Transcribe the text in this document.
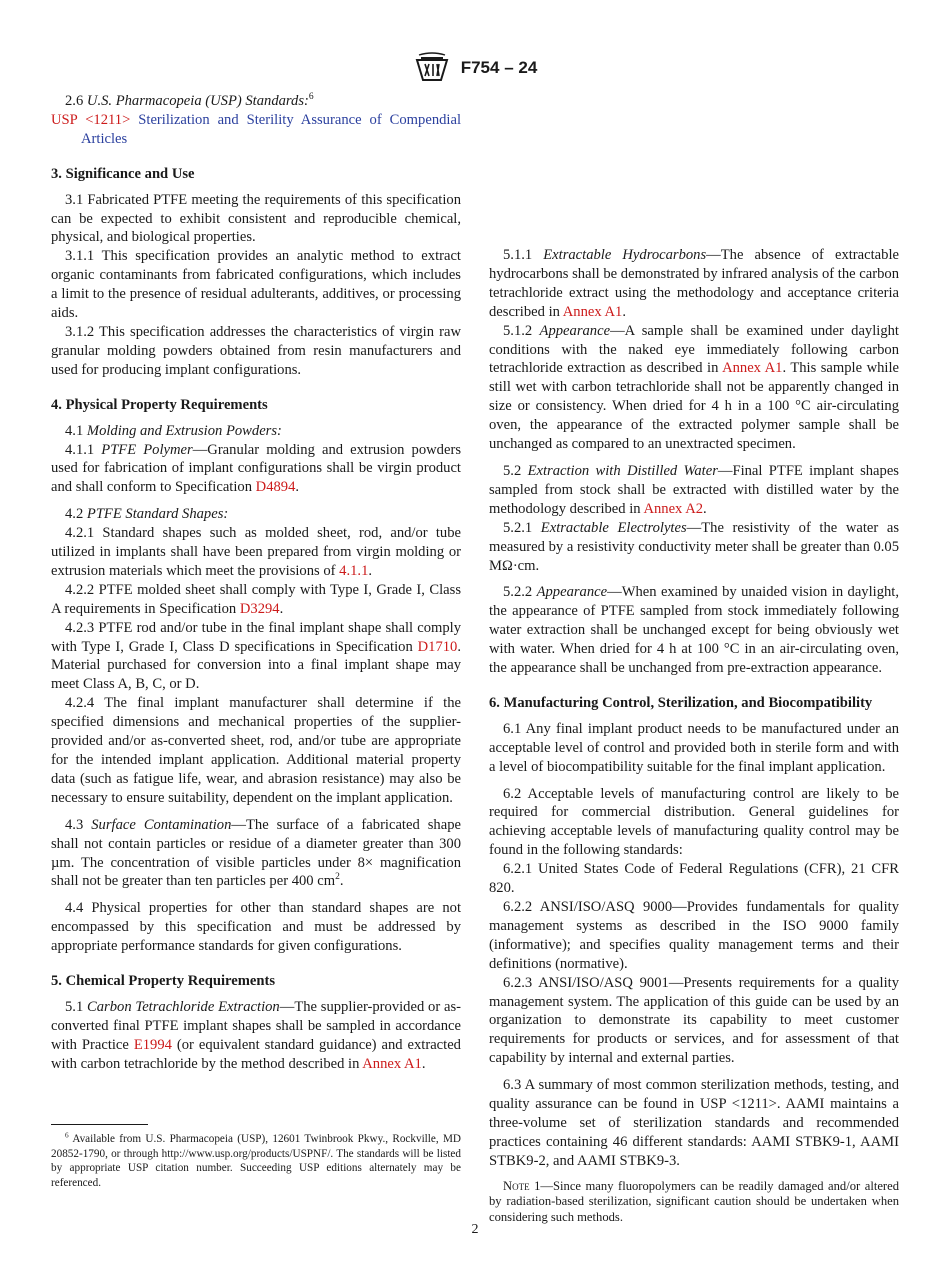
F754 – 24

2.6 U.S. Pharmacopeia (USP) Standards:$^6$

USP <1211> Sterilization and Sterility Assurance of Compendial Articles

3. Significance and Use

3.1 Fabricated PTFE meeting the requirements of this specification can be expected to exhibit consistent and reproducible chemical, physical, and biological properties.

3.1.1 This specification provides an analytic method to extract organic contaminants from fabricated configurations, which includes a limit to the presence of residual adulterants, additives, or processing aids.

3.1.2 This specification addresses the characteristics of virgin raw granular molding powders obtained from resin manufacturers and used for producing implant configurations.

4. Physical Property Requirements

4.1 Molding and Extrusion Powders:

4.1.1 PTFE Polymer—Granular molding and extrusion powders used for fabrication of implant configurations shall be virgin product and shall conform to Specification D4894.

4.2 PTFE Standard Shapes:

4.2.1 Standard shapes such as molded sheet, rod, and/or tube utilized in implants shall have been prepared from virgin molding or extrusion materials which meet the provisions of 4.1.1.

4.2.2 PTFE molded sheet shall comply with Type I, Grade I, Class A requirements in Specification D3294.

4.2.3 PTFE rod and/or tube in the final implant shape shall comply with Type I, Grade I, Class D specifications in Specification D1710. Material purchased for conversion into a final implant shape may meet Class A, B, C, or D.

4.2.4 The final implant manufacturer shall determine if the specified dimensions and mechanical properties of the supplier-provided and/or as-converted sheet, rod, and/or tube are appropriate for the intended implant application. Additional material property data (such as fatigue life, wear, and abrasion resistance) may also be necessary to ensure suitability, dependent on the implant application.

4.3 Surface Contamination—The surface of a fabricated shape shall not contain particles or residue of a diameter greater than 300 µm. The concentration of visible particles under 8× magnification shall not be greater than ten particles per 400 $cm^2$.

4.4 Physical properties for other than standard shapes are not encompassed by this specification and must be addressed by appropriate performance standards for given configurations.

5. Chemical Property Requirements

5.1 Carbon Tetrachloride Extraction—The supplier-provided or as-converted final PTFE implant shapes shall be sampled in accordance with Practice E1994 (or equivalent standard guidance) and extracted with carbon tetrachloride by the method described in Annex A1.

5.1.1 Extractable Hydrocarbons—The absence of extractable hydrocarbons shall be demonstrated by infrared analysis of the carbon tetrachloride extract using the methodology and acceptance criteria described in Annex A1.

5.1.2 Appearance—A sample shall be examined under daylight conditions with the naked eye immediately following carbon tetrachloride extraction as described in Annex A1. This sample while still wet with carbon tetrachloride shall not be apparently changed in size or consistency. When dried for 4 h in a 100 °C air-circulating oven, the appearance of the extracted polymer sample shall be unchanged as compared to an unextracted specimen.

5.2 Extraction with Distilled Water—Final PTFE implant shapes sampled from stock shall be extracted with distilled water by the methodology described in Annex A2.

5.2.1 Extractable Electrolytes—The resistivity of the water as measured by a resistivity conductivity meter shall be greater than 0.05 MΩ·cm.

5.2.2 Appearance—When examined by unaided vision in daylight, the appearance of PTFE sampled from stock immediately following water extraction shall be unchanged except for being obviously wet with water. When dried for 4 h at 100 °C in an air-circulating oven, the appearance shall be unchanged from pre-extraction appearance.

6. Manufacturing Control, Sterilization, and Biocompatibility

6.1 Any final implant product needs to be manufactured under an acceptable level of control and provided both in sterile form and with a level of biocompatibility suitable for the final implant application.

6.2 Acceptable levels of manufacturing control are likely to be required for commercial distribution. General guidelines for achieving acceptable levels of manufacturing quality control may be found in the following standards:

6.2.1 United States Code of Federal Regulations (CFR), 21 CFR 820.

6.2.2 ANSI/ISO/ASQ 9000—Provides fundamentals for quality management systems as described in the ISO 9000 family (informative); and specifies quality management terms and their definitions (normative).

6.2.3 ANSI/ISO/ASQ 9001—Presents requirements for a quality management system. The application of this guide can be used by an organization to demonstrate its capability to meet customer requirements for products or services, and for assessment of that capability by internal and external parties.

6.3 A summary of most common sterilization methods, testing, and quality assurance can be found in USP <1211>. AAMI maintains a three-volume set of sterilization standards and recommended practices containing 46 different standards: AAMI STBK9-1, AAMI STBK9-2, and AAMI STBK9-3.

Note 1—Since many fluoropolymers can be readily damaged and/or altered by radiation-based sterilization, significant caution should be undertaken when considering such methods.

$^6$ Available from U.S. Pharmacopeia (USP), 12601 Twinbrook Pkwy., Rockville, MD 20852-1790, or through http://www.usp.org/products/USPNF/. The standards will be listed by appropriate USP citation number. Succeeding USP editions alternately may be referenced.
2
